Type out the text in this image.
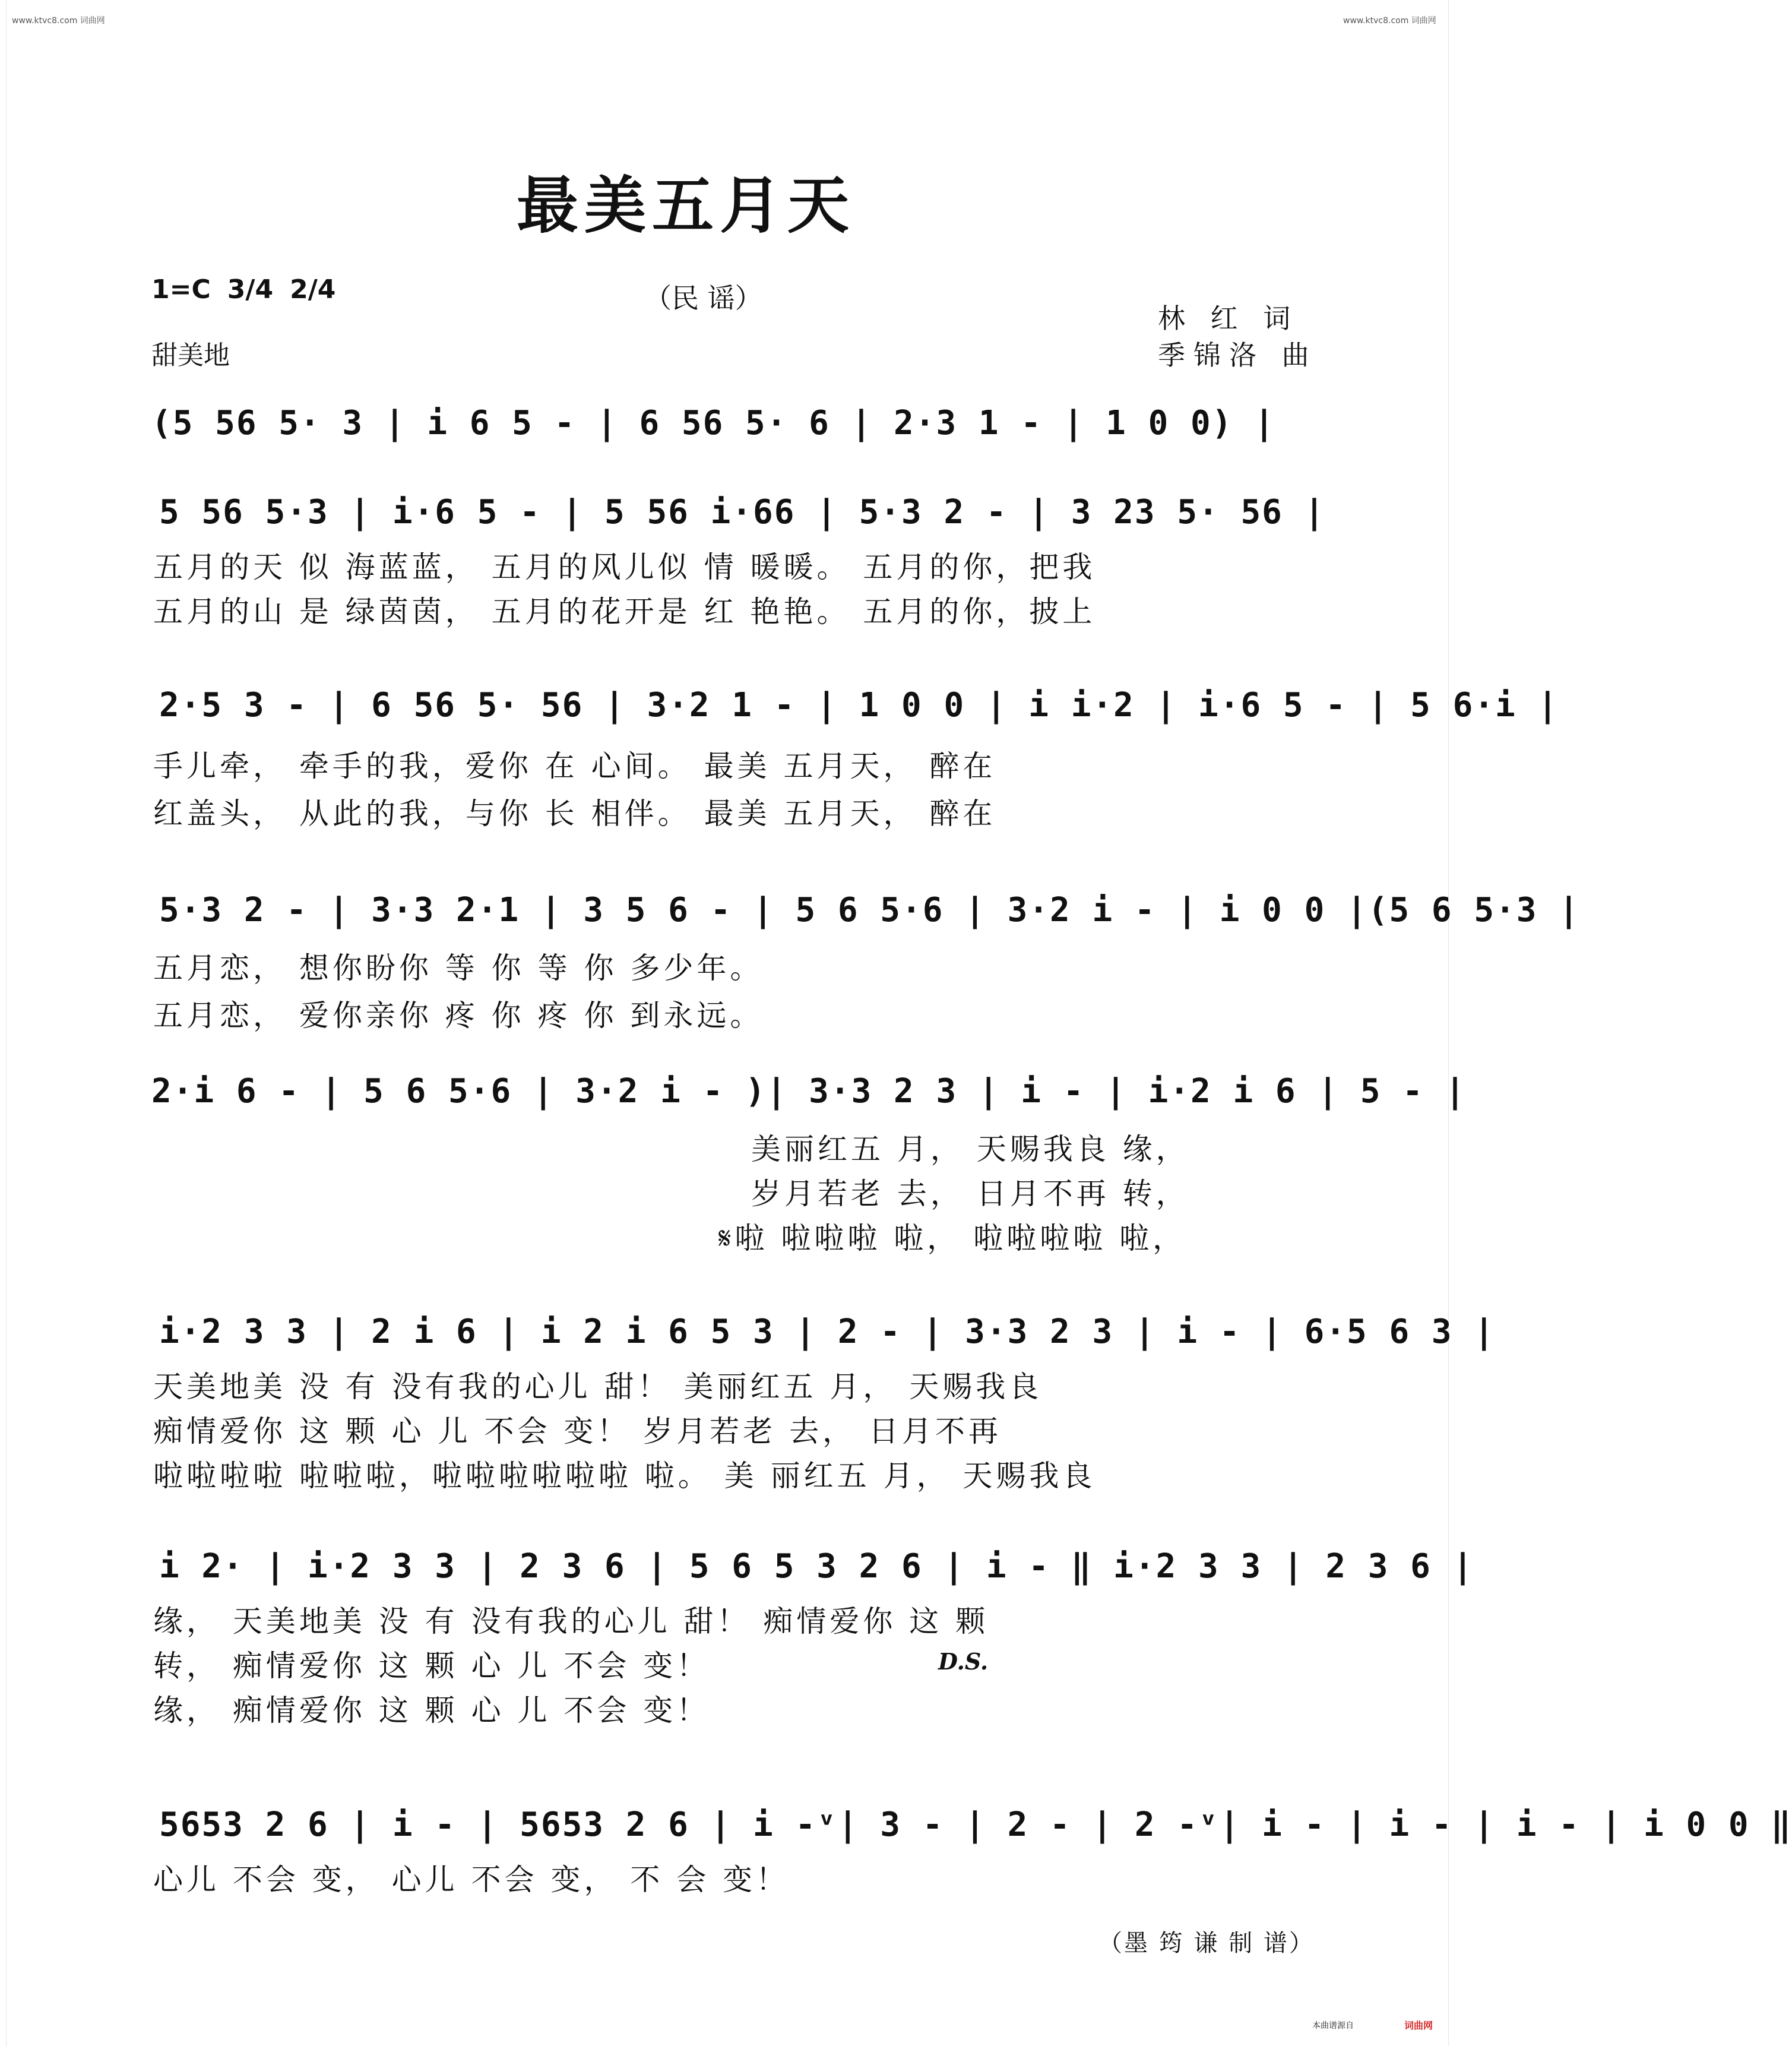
www.ktvc8.com 词曲网	www.ktvc8.com 词曲网
最美五月天
1=C 3/4 2/4	（民 谣）
林 红 词
季锦洛 曲
甜美地
(5 56 5· 3 | i 6 5 - | 6 56 5· 6 | 2·3 1 - | 1 0 0) |
5 56 5·3 | i·6 5 - | 5 56 i·66 | 5·3 2 - | 3 23 5· 56 |
五月的天 似 海蓝蓝， 五月的风儿似 情 暖暖。 五月的你，把我
五月的山 是 绿茵茵， 五月的花开是 红 艳艳。 五月的你，披上
2·5 3 - | 6 56 5· 56 | 3·2 1 - | 1 0 0 | i i·2 | i·6 5 - | 5 6·i |
手儿牵， 牵手的我，爱你 在 心间。 最美 五月天， 醉在
红盖头， 从此的我，与你 长 相伴。 最美 五月天， 醉在
5·3 2 - | 3·3 2·1 | 3 5 6 - | 5 6 5·6 | 3·2 i - | i 0 0 |(5 6 5·3 |
五月恋， 想你盼你 等 你 等 你 多少年。
五月恋， 爱你亲你 疼 你 疼 你 到永远。
2·i 6 - | 5 6 5·6 | 3·2 i - )| 3·3 2 3 | i - | i·2 i 6 | 5 - |
美丽红五 月， 天赐我良 缘，
岁月若老 去， 日月不再 转，
𝄋啦 啦啦啦 啦， 啦啦啦啦 啦，
i·2 3 3 | 2 i 6 | i 2 i 6 5 3 | 2 - | 3·3 2 3 | i - | 6·5 6 3 |
天美地美 没 有 没有我的心儿 甜！ 美丽红五 月， 天赐我良
痴情爱你 这 颗 心 儿 不会 变！ 岁月若老 去， 日月不再
啦啦啦啦 啦啦啦，啦啦啦啦啦啦 啦。 美 丽红五 月， 天赐我良
i 2· | i·2 3 3 | 2 3 6 | 5 6 5 3 2 6 | i - ‖ i·2 3 3 | 2 3 6 |
缘， 天美地美 没 有 没有我的心儿 甜！ 痴情爱你 这 颗
转， 痴情爱你 这 颗 心 儿 不会 变！	D.S.
缘， 痴情爱你 这 颗 心 儿 不会 变！
5653 2 6 | i - | 5653 2 6 | i -ᵛ| 3 - | 2 - | 2 -ᵛ| i - | i - | i - | i 0 0 ‖
心儿 不会 变， 心儿 不会 变， 不 会 变！
（墨 筠 谦 制 谱）
本曲谱源自	词曲网
